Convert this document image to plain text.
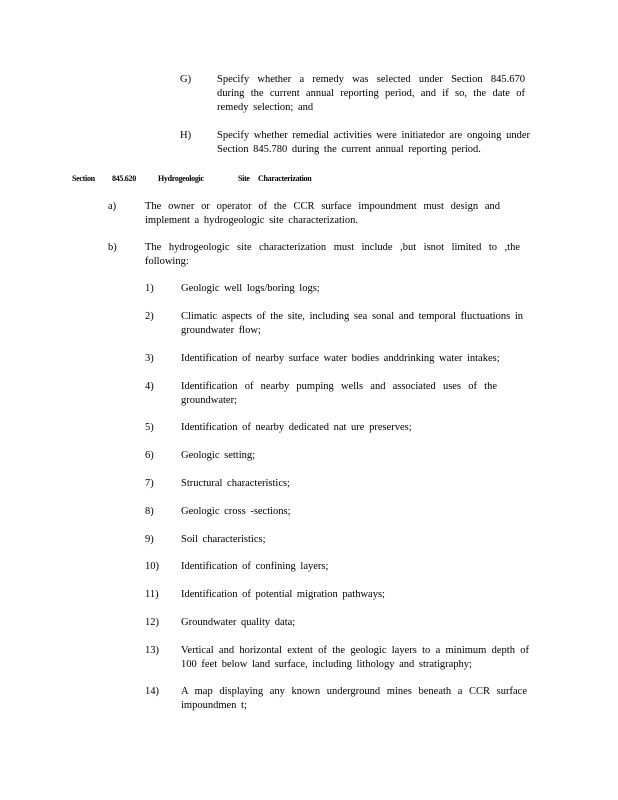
G) Specify whether a remedy was selected under Section 845.670 during the current annual reporting period, and if so, the date of remedy selection; and
H) Specify whether remedial activities were initiatedor are ongoing under Section 845.780 during the current annual reporting period.
Section 845.620	Hydrogeologic	Site Characterization
a)	The owner or operator of the CCR surface impoundment must design and implement a hydrogeologic site characterization.
b)	The hydrogeologic site characterization must include ,but isnot limited to ,the following:
1)	Geologic well logs/boring logs;
2)	Climatic aspects of the site, including sea sonal and temporal fluctuations in groundwater flow;
3)	Identification of nearby surface water bodies anddrinking water intakes;
4)	Identification of nearby pumping wells and associated uses of the groundwater;
5)	Identification of nearby dedicated nat ure preserves;
6)	Geologic setting;
7)	Structural characteristics;
8)	Geologic cross -sections;
9)	Soil characteristics;
10) Identification of confining layers;
11) Identification of potential migration pathways;
12) Groundwater quality data;
13) Vertical and horizontal extent of the geologic layers to a minimum depth of 100 feet below land surface, including lithology and stratigraphy;
14) A map displaying any known underground mines beneath a CCR surface impoundmen t;
